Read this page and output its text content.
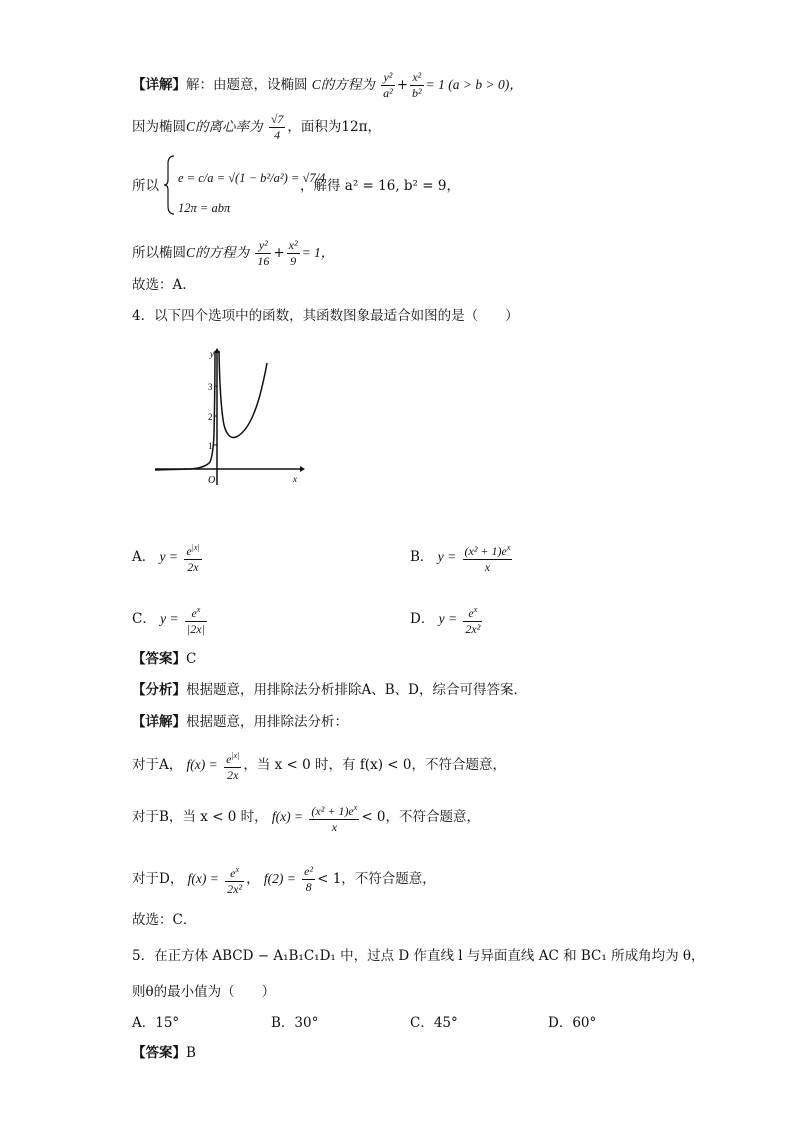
【详解】解：由题意，设椭圆 C的方程为 $\frac{\text{y²}}{\text{a²}} + \frac{\text{x²}}{\text{b²}} = 1$ (a > b > 0)，
因为椭圆C的离心率为 $\frac{√7}{4}$ ，面积为12π，
所以 e = c/a = √(1 − b²/a²) = √7/4
12π = abπ
，解得 a² = 16, b² = 9，
所以椭圆C的方程为 $\frac{\text{y²}}{16} + \frac{\text{x²}}{9} = 1$，
故选：A.
4．以下四个选项中的函数，其函数图象最适合如图的是（　　）
y
x
O
3
2
1
A． $y = \frac{e^{|x|}}{2x}$	B． $y = \frac{(x^2 + 1)e^x}{x}$
C． $y = \frac{e^x}{|2x|}$	D． $y = \frac{e^x}{\text{2x²}}$
【答案】C
【分析】根据题意，用排除法分析排除A、B、D，综合可得答案．
【详解】根据题意，用排除法分析：
对于A， $f(x) = \frac{e^{|x|}}{2x}$ ，当 x < 0 时，有 f(x) < 0，不符合题意，
对于B，当 x < 0 时， $f(x) = \frac{(x^2 + 1)e^x}{x} < 0$，不符合题意，
对于D， $f(x) = \frac{e^x}{\text{2x²}}$ ， $f(2) = \frac{\text{e²}}{8} < 1$，不符合题意，
故选：C．
5．在正方体 ABCD − A₁B₁C₁D₁ 中，过点 D 作直线 l 与异面直线 AC 和 BC₁ 所成角均为 θ，
则θ的最小值为（　　）
A．15°	B．30°	C．45°	D．60°
【答案】B
